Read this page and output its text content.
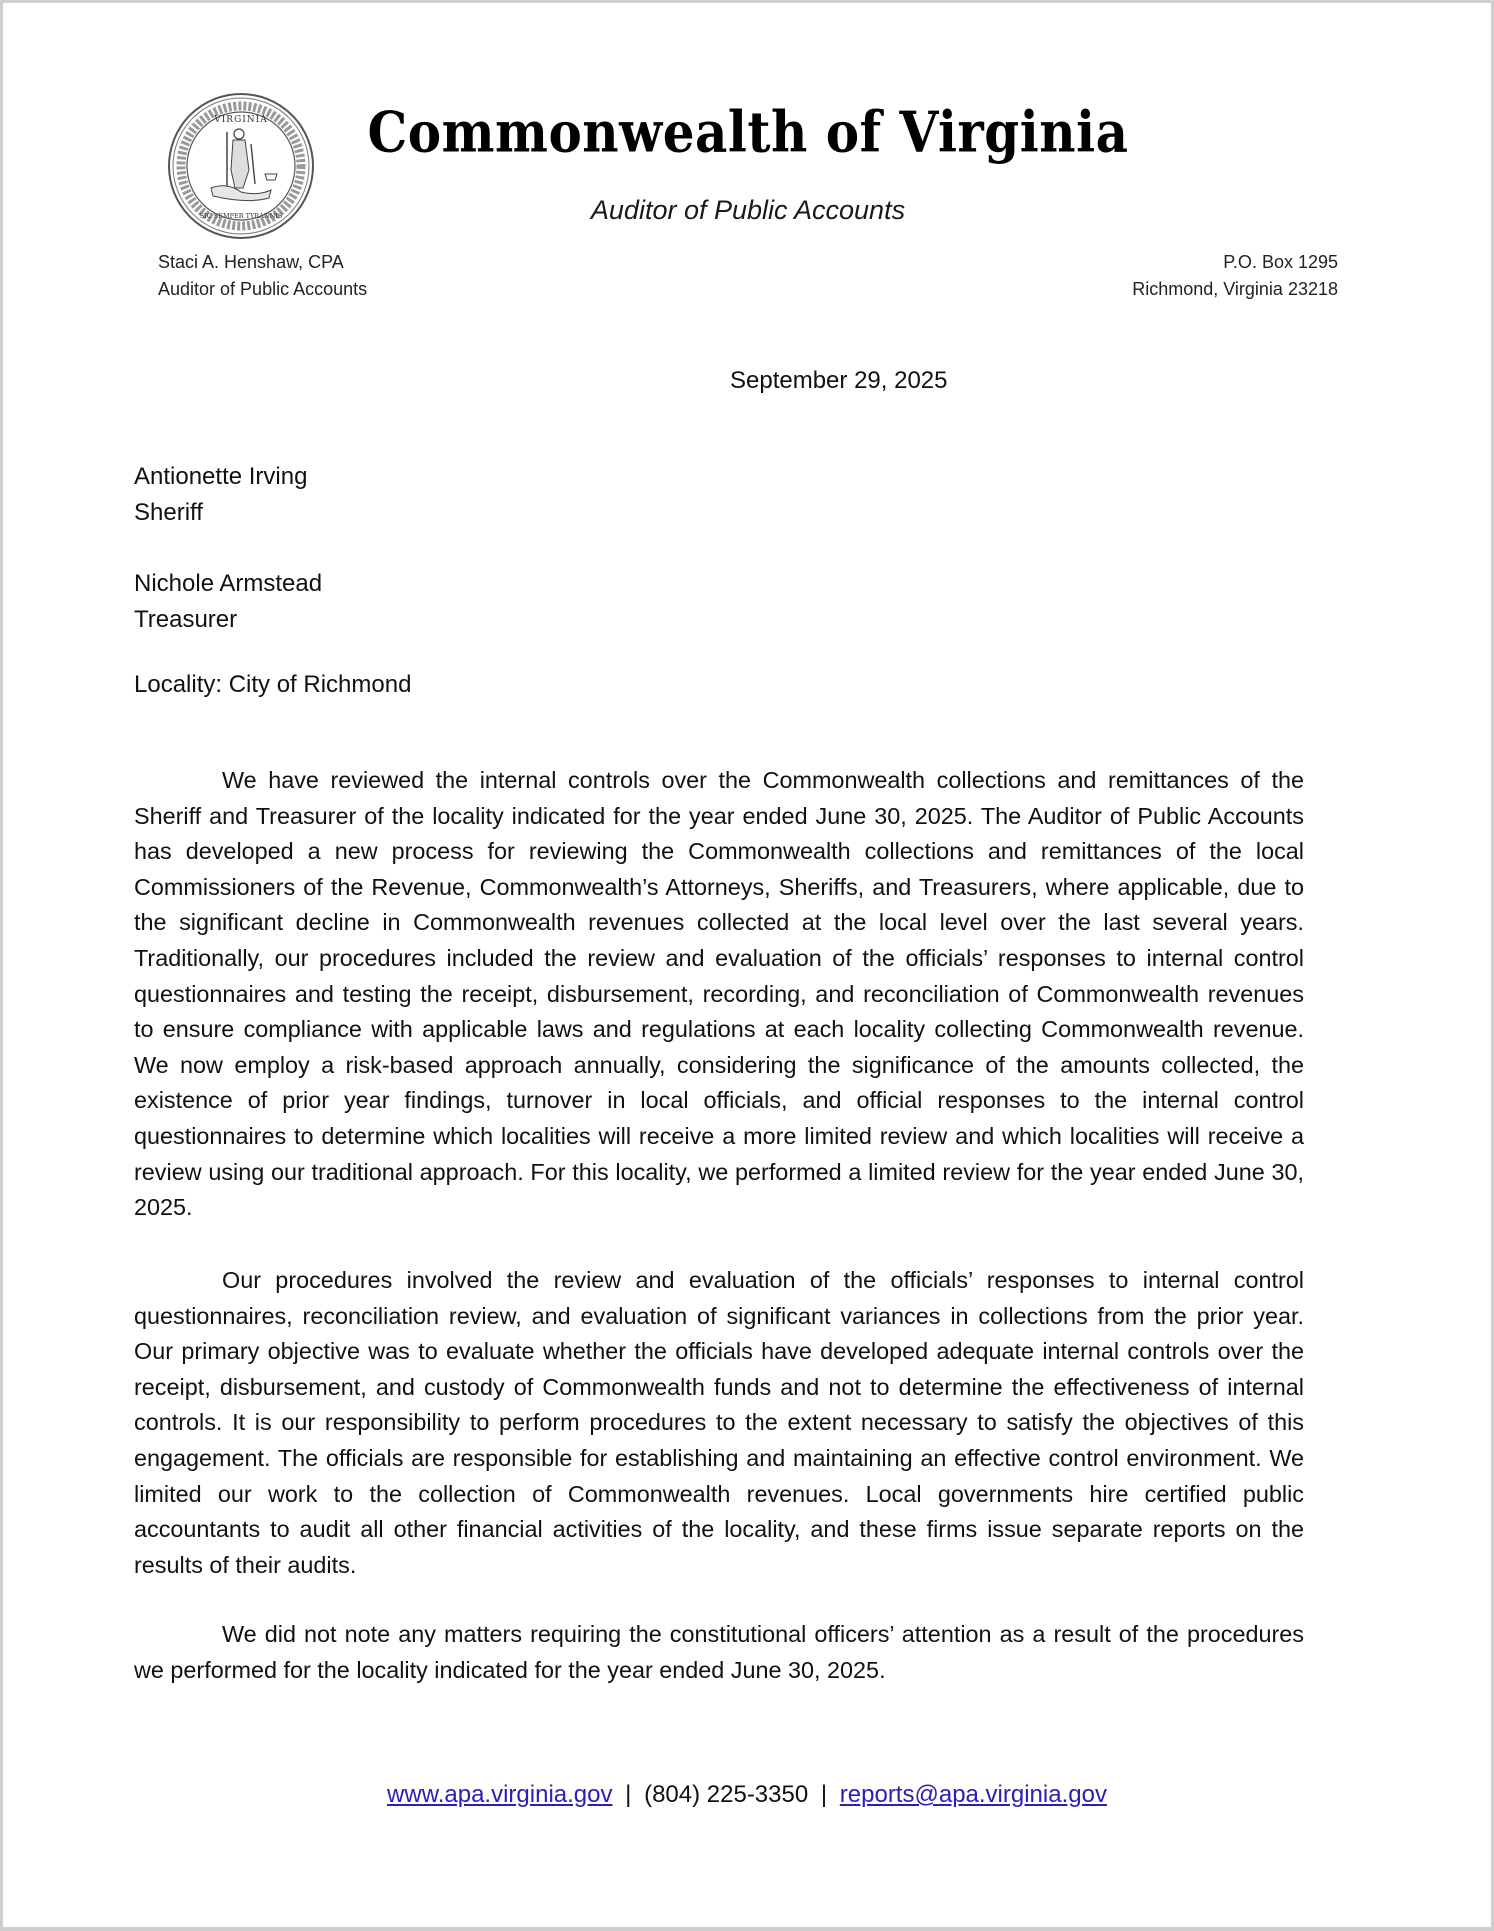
VIRGINIA
SIC SEMPER TYRANNIS
Commonwealth of Virginia
Auditor of Public Accounts
Staci A. Henshaw, CPA
Auditor of Public Accounts
P.O. Box 1295
Richmond, Virginia 23218
September 29, 2025
Antionette Irving
Sheriff
Nichole Armstead
Treasurer
Locality: City of Richmond
We have reviewed the internal controls over the Commonwealth collections and remittances of the Sheriff and Treasurer of the locality indicated for the year ended June 30, 2025. The Auditor of Public Accounts has developed a new process for reviewing the Commonwealth collections and remittances of the local Commissioners of the Revenue, Commonwealth’s Attorneys, Sheriffs, and Treasurers, where applicable, due to the significant decline in Commonwealth revenues collected at the local level over the last several years. Traditionally, our procedures included the review and evaluation of the officials’ responses to internal control questionnaires and testing the receipt, disbursement, recording, and reconciliation of Commonwealth revenues to ensure compliance with applicable laws and regulations at each locality collecting Commonwealth revenue. We now employ a risk-based approach annually, considering the significance of the amounts collected, the existence of prior year findings, turnover in local officials, and official responses to the internal control questionnaires to determine which localities will receive a more limited review and which localities will receive a review using our traditional approach. For this locality, we performed a limited review for the year ended June 30, 2025.
Our procedures involved the review and evaluation of the officials’ responses to internal control questionnaires, reconciliation review, and evaluation of significant variances in collections from the prior year. Our primary objective was to evaluate whether the officials have developed adequate internal controls over the receipt, disbursement, and custody of Commonwealth funds and not to determine the effectiveness of internal controls. It is our responsibility to perform procedures to the extent necessary to satisfy the objectives of this engagement. The officials are responsible for establishing and maintaining an effective control environment. We limited our work to the collection of Commonwealth revenues. Local governments hire certified public accountants to audit all other financial activities of the locality, and these firms issue separate reports on the results of their audits.
We did not note any matters requiring the constitutional officers’ attention as a result of the procedures we performed for the locality indicated for the year ended June 30, 2025.
www.apa.virginia.gov | (804) 225-3350 | reports@apa.virginia.gov
